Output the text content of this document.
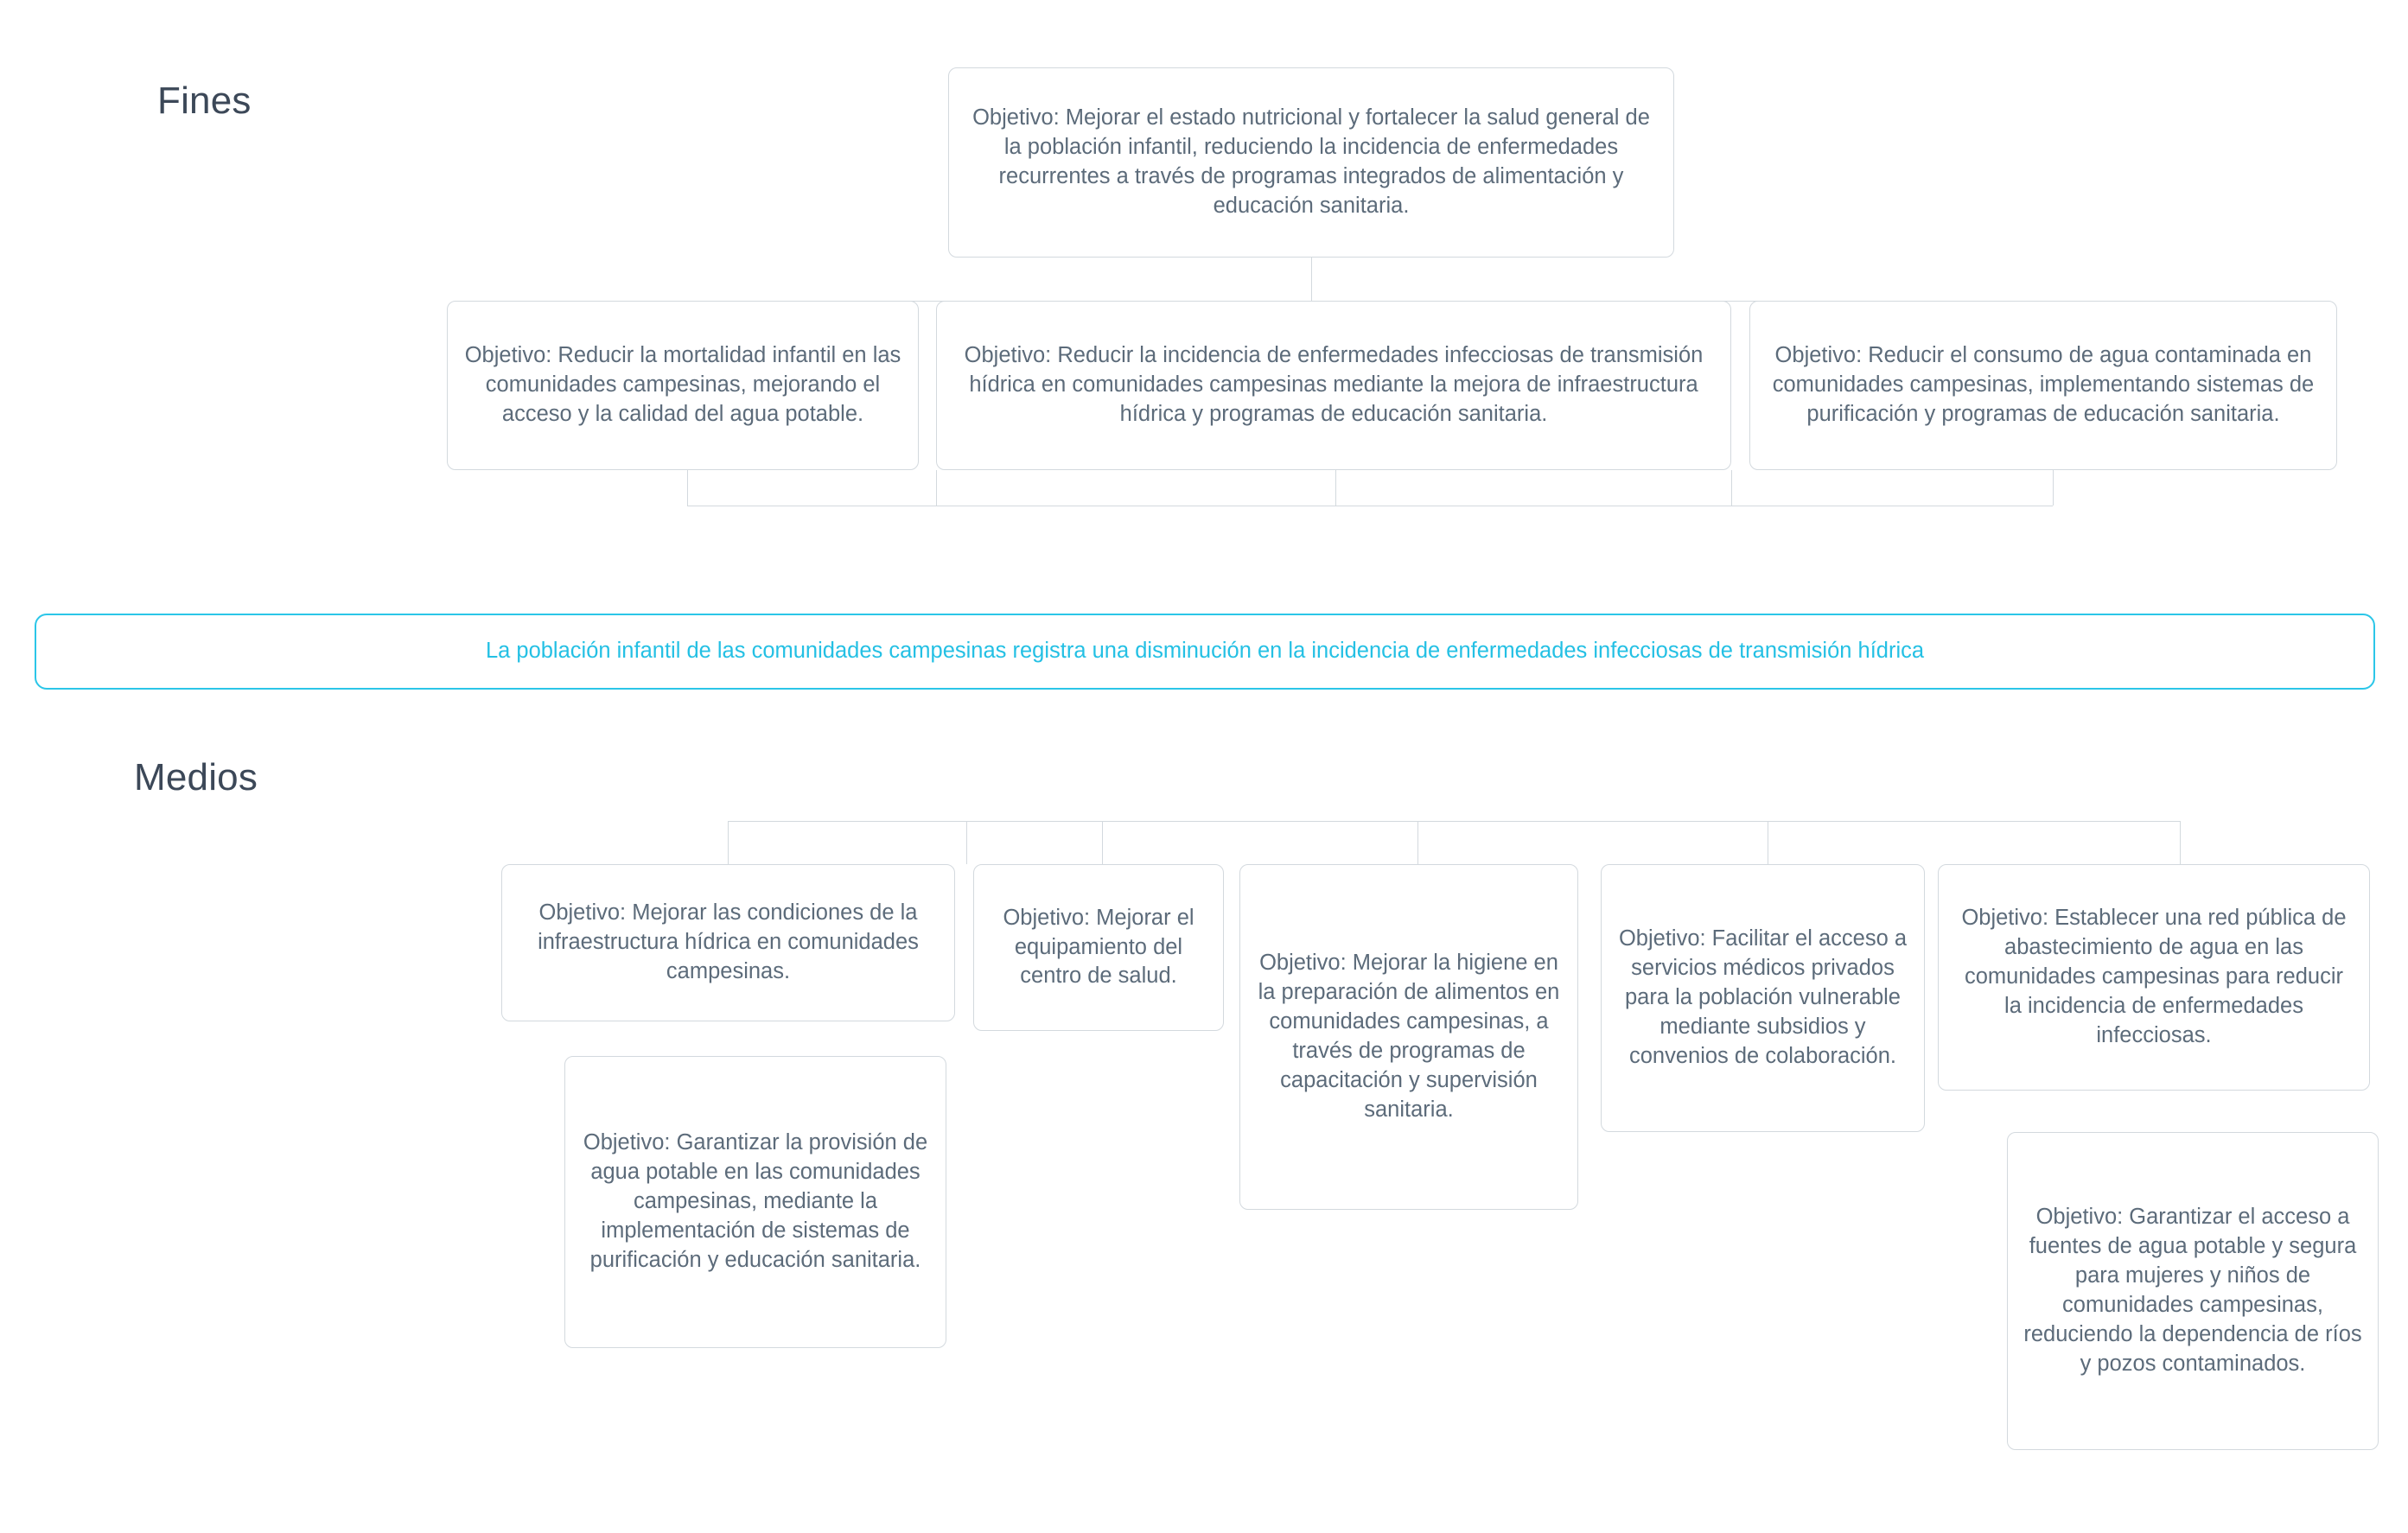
Fines
Medios
Objetivo: Mejorar el estado nutricional y fortalecer la salud general de la población infantil, reduciendo la incidencia de enfermedades recurrentes a través de programas integrados de alimentación y educación sanitaria.
Objetivo: Reducir la mortalidad infantil en las comunidades campesinas, mejorando el acceso y la calidad del agua potable.
Objetivo: Reducir la incidencia de enfermedades infecciosas de transmisión hídrica en comunidades campesinas mediante la mejora de infraestructura hídrica y programas de educación sanitaria.
Objetivo: Reducir el consumo de agua contaminada en comunidades campesinas, implementando sistemas de purificación y programas de educación sanitaria.
La población infantil de las comunidades campesinas registra una disminución en la incidencia de enfermedades infecciosas de transmisión hídrica
Objetivo: Mejorar las condiciones de la infraestructura hídrica en comunidades campesinas.
Objetivo: Mejorar el equipamiento del centro de salud.
Objetivo: Mejorar la higiene en la preparación de alimentos en comunidades campesinas, a través de programas de capacitación y supervisión sanitaria.
Objetivo: Facilitar el acceso a servicios médicos privados para la población vulnerable mediante subsidios y convenios de colaboración.
Objetivo: Establecer una red pública de abastecimiento de agua en las comunidades campesinas para reducir la incidencia de enfermedades infecciosas.
Objetivo: Garantizar la provisión de agua potable en las comunidades campesinas, mediante la implementación de sistemas de purificación y educación sanitaria.
Objetivo: Garantizar el acceso a fuentes de agua potable y segura para mujeres y niños de comunidades campesinas, reduciendo la dependencia de ríos y pozos contaminados.
